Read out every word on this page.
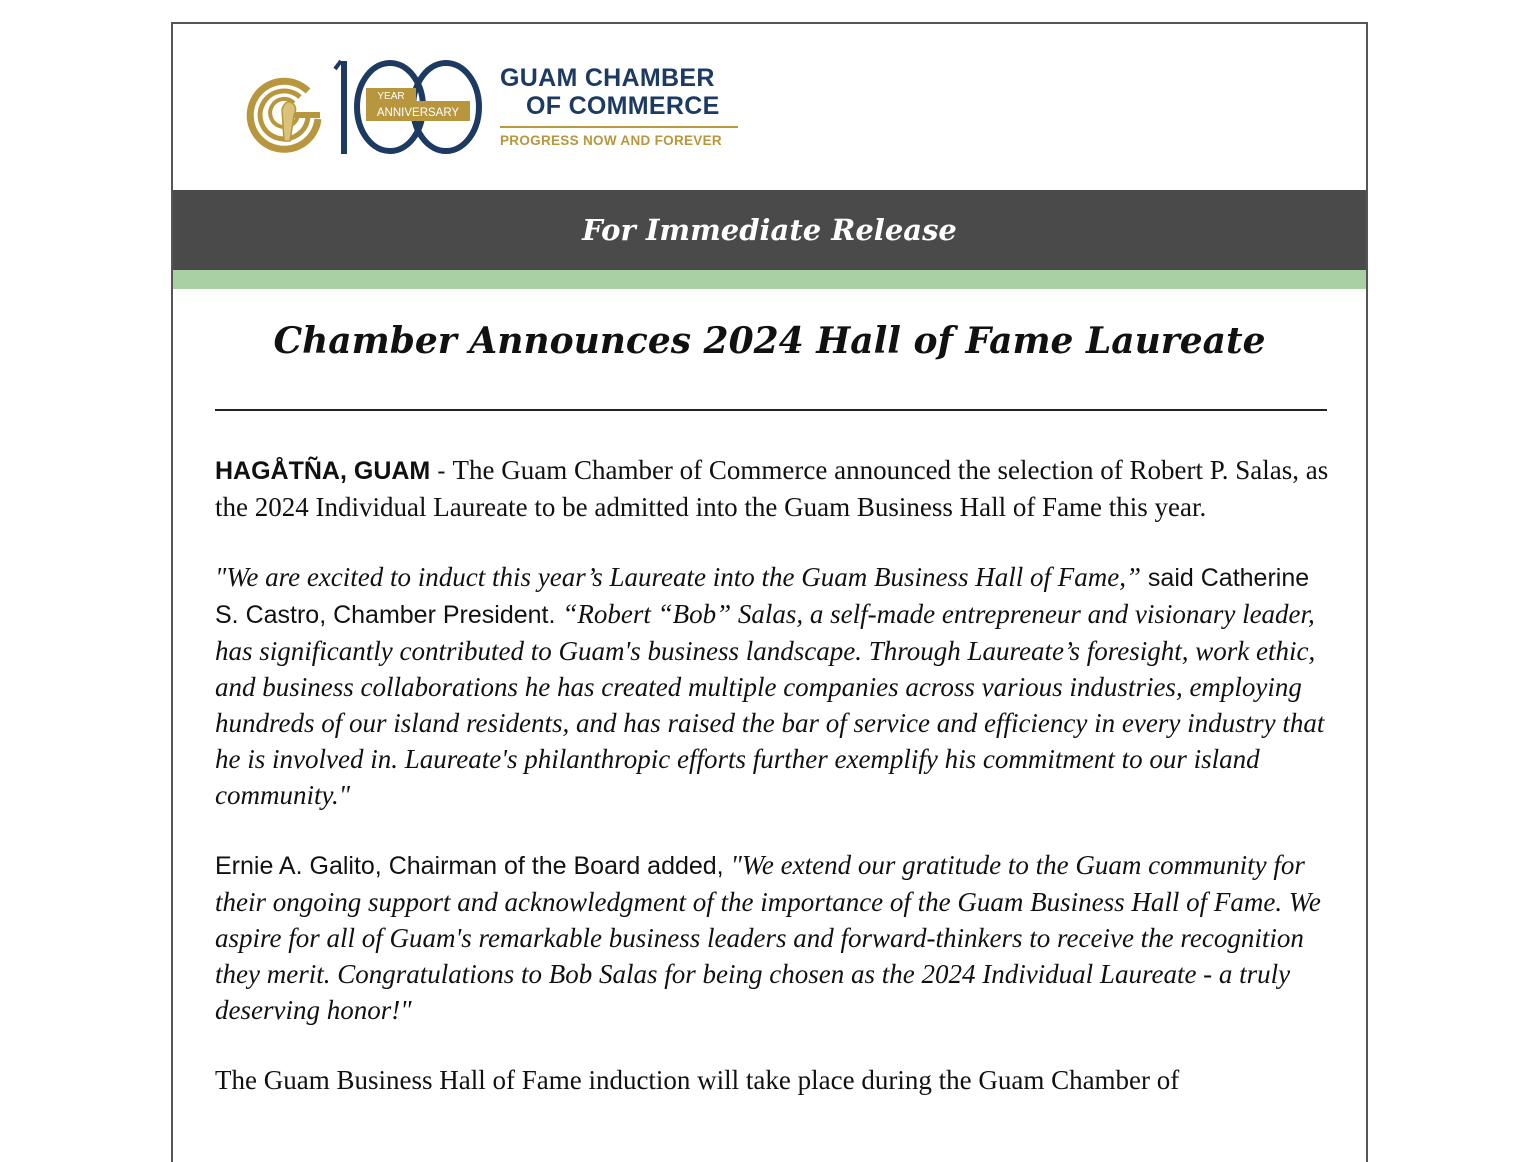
YEAR
ANNIVERSARY
GUAM CHAMBER
OF COMMERCE
PROGRESS NOW AND FOREVER
For Immediate Release
Chamber Announces 2024 Hall of Fame Laureate

HAGÅTÑA, GUAM - The Guam Chamber of Commerce announced the selection of Robert P. Salas, as the 2024 Individual Laureate to be admitted into the Guam Business Hall of Fame this year.

"We are excited to induct this year’s Laureate into the Guam Business Hall of Fame,” said Catherine S. Castro, Chamber President. “Robert “Bob” Salas, a self-made entrepreneur and visionary leader, has significantly contributed to Guam's business landscape. Through Laureate’s foresight, work ethic, and business collaborations he has created multiple companies across various industries, employing hundreds of our island residents, and has raised the bar of service and efficiency in every industry that he is involved in. Laureate's philanthropic efforts further exemplify his commitment to our island community."

Ernie A. Galito, Chairman of the Board added, "We extend our gratitude to the Guam community for their ongoing support and acknowledgment of the importance of the Guam Business Hall of Fame. We aspire for all of Guam's remarkable business leaders and forward-thinkers to receive the recognition they merit. Congratulations to Bob Salas for being chosen as the 2024 Individual Laureate - a truly deserving honor!"

The Guam Business Hall of Fame induction will take place during the Guam Chamber of
